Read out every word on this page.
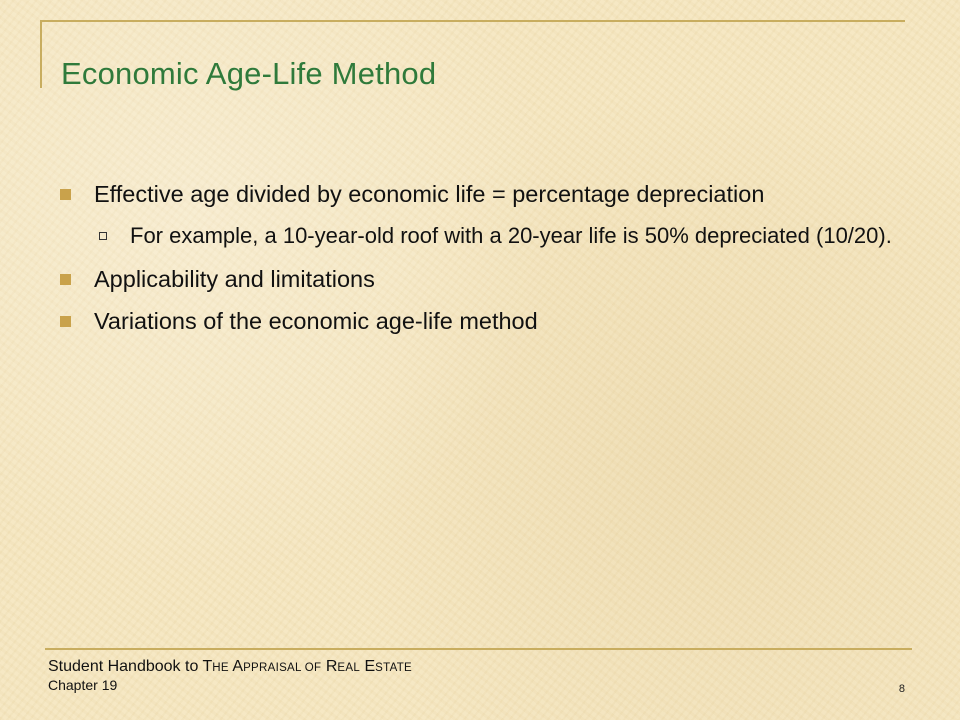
Economic Age-Life Method
Effective age divided by economic life = percentage depreciation
For example, a 10-year-old roof with a 20-year life is 50% depreciated (10/20).
Applicability and limitations
Variations of the economic age-life method
Student Handbook to THE APPRAISAL OF REAL ESTATE
Chapter 19	8
